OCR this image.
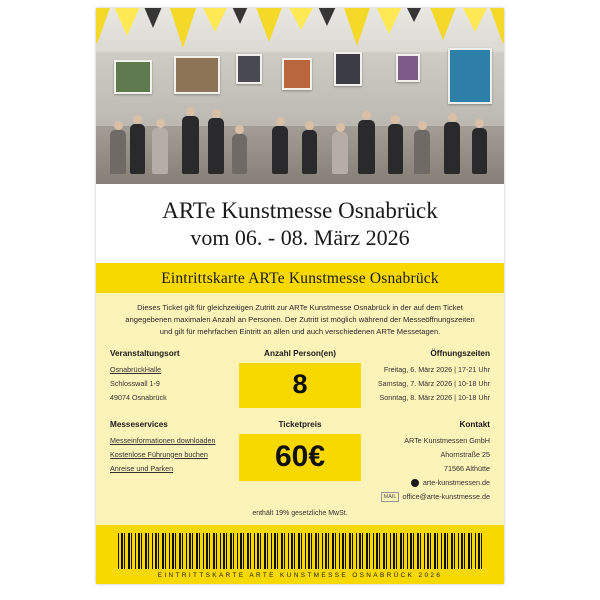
ARTe Kunstmesse Osnabrück
vom 06. - 08. März 2026
Eintrittskarte ARTe Kunstmesse Osnabrück
Dieses Ticket gilt für gleichzeitigen Zutritt zur ARTe Kunstmesse Osnabrück in der auf dem Ticket angegebenen maximalen Anzahl an Personen. Der Zutritt ist möglich während der Messeöffnungszeiten und gilt für mehrfachen Eintritt an allen und auch verschiedenen ARTe Messetagen.
Veranstaltungsort
OsnabrückHalle
Schlosswall 1-9
49074 Osnabrück
Anzahl Person(en)
8
Öffnungszeiten
Freitag, 6. März 2026 | 17-21 Uhr
Samstag, 7. März 2026 | 10-18 Uhr
Sonntag, 8. März 2026 | 10-18 Uhr
Messeservices
Messeinformationen downloaden
Kostenlose Führungen buchen
Anreise und Parken
Ticketpreis
60€
Kontakt
ARTe Kunstmessen GmbH
Ahornstraße 25
71566 Althütte
arte-kunstmessen.de
MAIL office@arte-kunstmesse.de
enthält 19% gesetzliche MwSt.
EINTRITTSKARTE ARTE KUNSTMESSE OSNABRÜCK 2026
